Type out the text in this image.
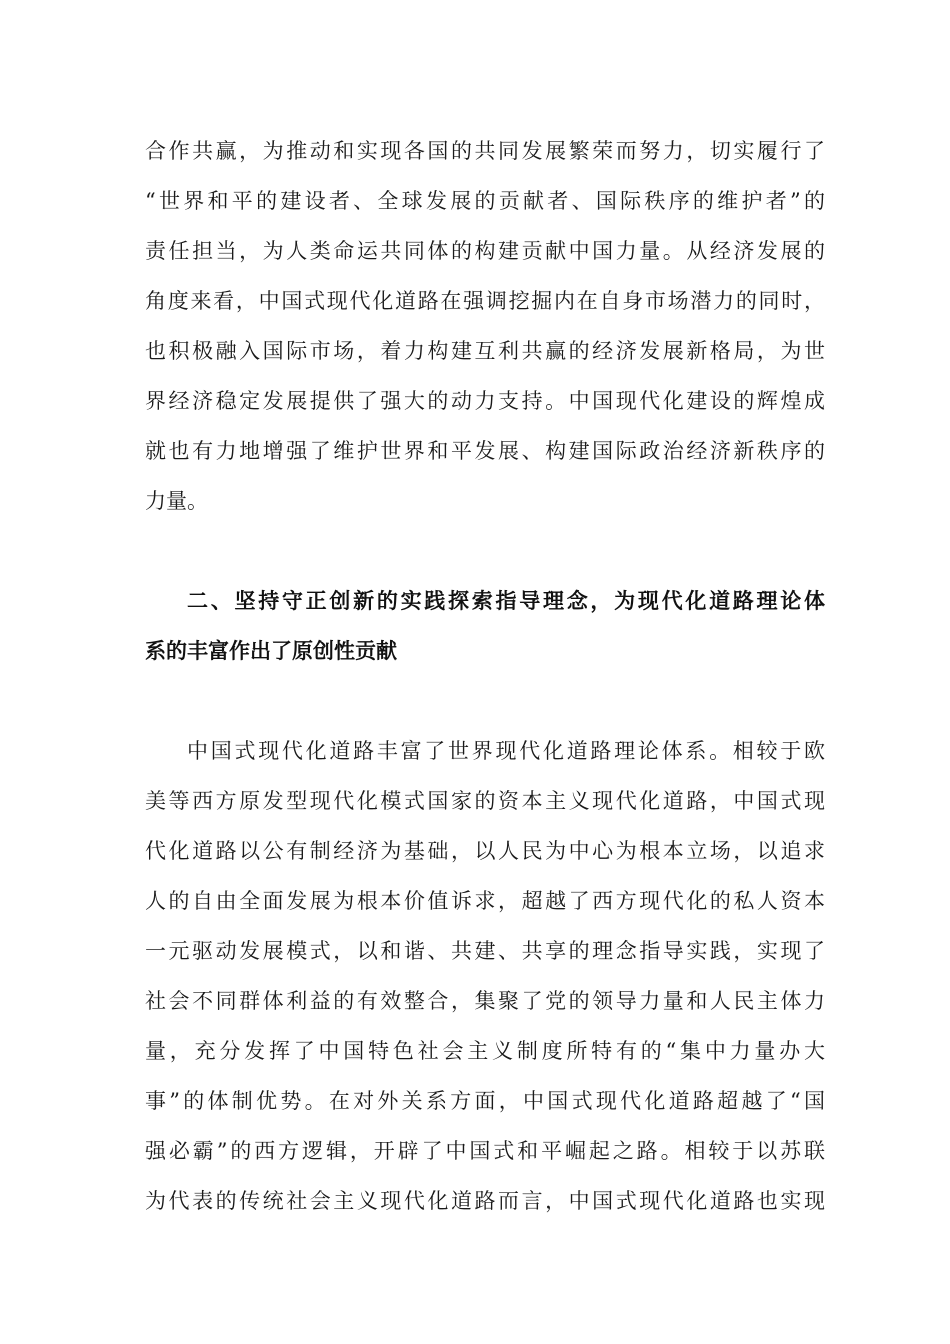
合作共赢，为推动和实现各国的共同发展繁荣而努力，切实履行了
“世界和平的建设者、全球发展的贡献者、国际秩序的维护者”的
责任担当，为人类命运共同体的构建贡献中国力量。从经济发展的
角度来看，中国式现代化道路在强调挖掘内在自身市场潜力的同时，
也积极融入国际市场，着力构建互利共赢的经济发展新格局，为世
界经济稳定发展提供了强大的动力支持。中国现代化建设的辉煌成
就也有力地增强了维护世界和平发展、构建国际政治经济新秩序的
力量。
二、坚持守正创新的实践探索指导理念，为现代化道路理论体
系的丰富作出了原创性贡献
中国式现代化道路丰富了世界现代化道路理论体系。相较于欧
美等西方原发型现代化模式国家的资本主义现代化道路，中国式现
代化道路以公有制经济为基础，以人民为中心为根本立场，以追求
人的自由全面发展为根本价值诉求，超越了西方现代化的私人资本
一元驱动发展模式，以和谐、共建、共享的理念指导实践，实现了
社会不同群体利益的有效整合，集聚了党的领导力量和人民主体力
量，充分发挥了中国特色社会主义制度所特有的“集中力量办大
事”的体制优势。在对外关系方面，中国式现代化道路超越了“国
强必霸”的西方逻辑，开辟了中国式和平崛起之路。相较于以苏联
为代表的传统社会主义现代化道路而言，中国式现代化道路也实现
